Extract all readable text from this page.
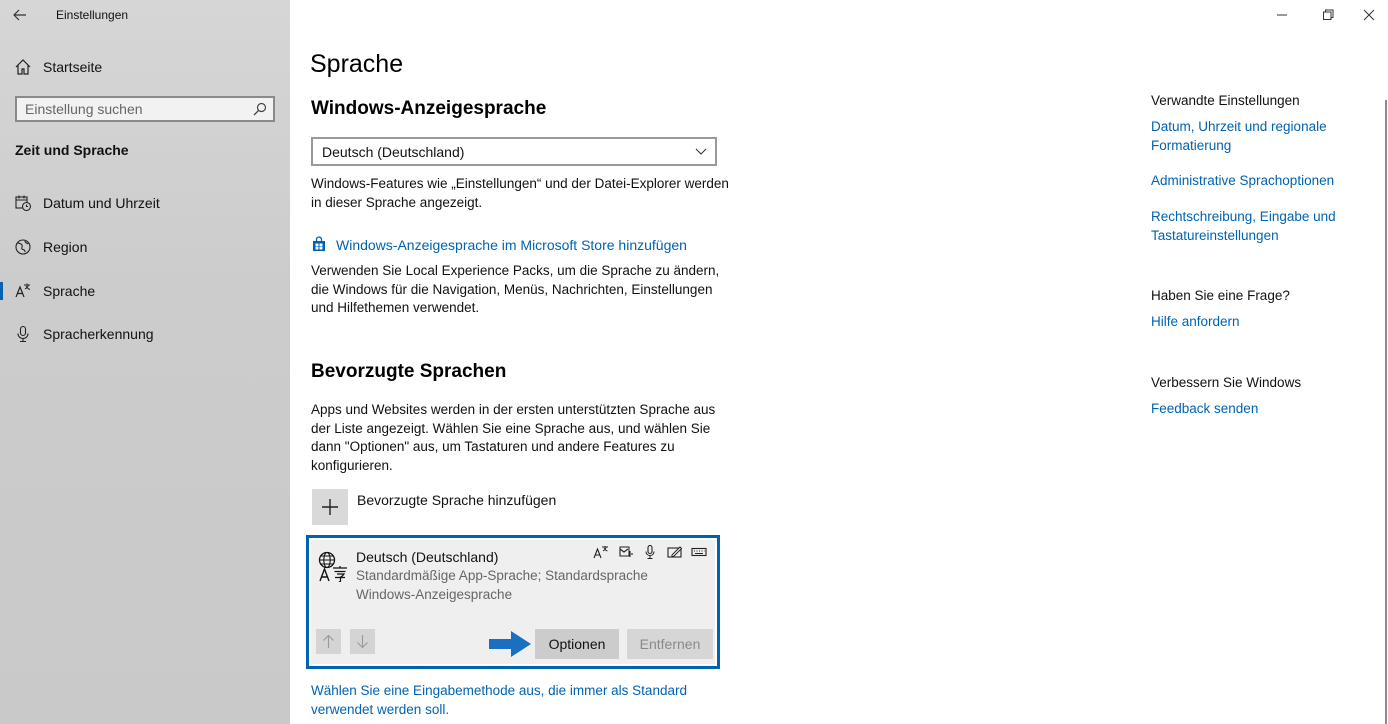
Einstellungen
Startseite
Einstellung suchen
Zeit und Sprache
Datum und Uhrzeit
Region
Sprache
Spracherkennung
Sprache
Windows-Anzeigesprache
Deutsch (Deutschland)

Windows-Features wie „Einstellungen“ und der Datei-Explorer werden in dieser Sprache angezeigt.

Windows-Anzeigesprache im Microsoft Store hinzufügen

Verwenden Sie Local Experience Packs, um die Sprache zu ändern, die Windows für die Navigation, Menüs, Nachrichten, Einstellungen und Hilfethemen verwendet.

Bevorzugte Sprachen

Apps und Websites werden in der ersten unterstützten Sprache aus der Liste angezeigt. Wählen Sie eine Sprache aus, und wählen Sie dann "Optionen" aus, um Tastaturen und andere Features zu konfigurieren.

Bevorzugte Sprache hinzufügen
Deutsch (Deutschland)

Standardmäßige App-Sprache; Standardsprache Windows-Anzeigesprache

Optionen	Entfernen

Wählen Sie eine Eingabemethode aus, die immer als Standard verwendet werden soll.

Verwandte Einstellungen
Datum, Uhrzeit und regionale Formatierung
Administrative Sprachoptionen
Rechtschreibung, Eingabe und Tastatureinstellungen
Haben Sie eine Frage?
Hilfe anfordern
Verbessern Sie Windows
Feedback senden
